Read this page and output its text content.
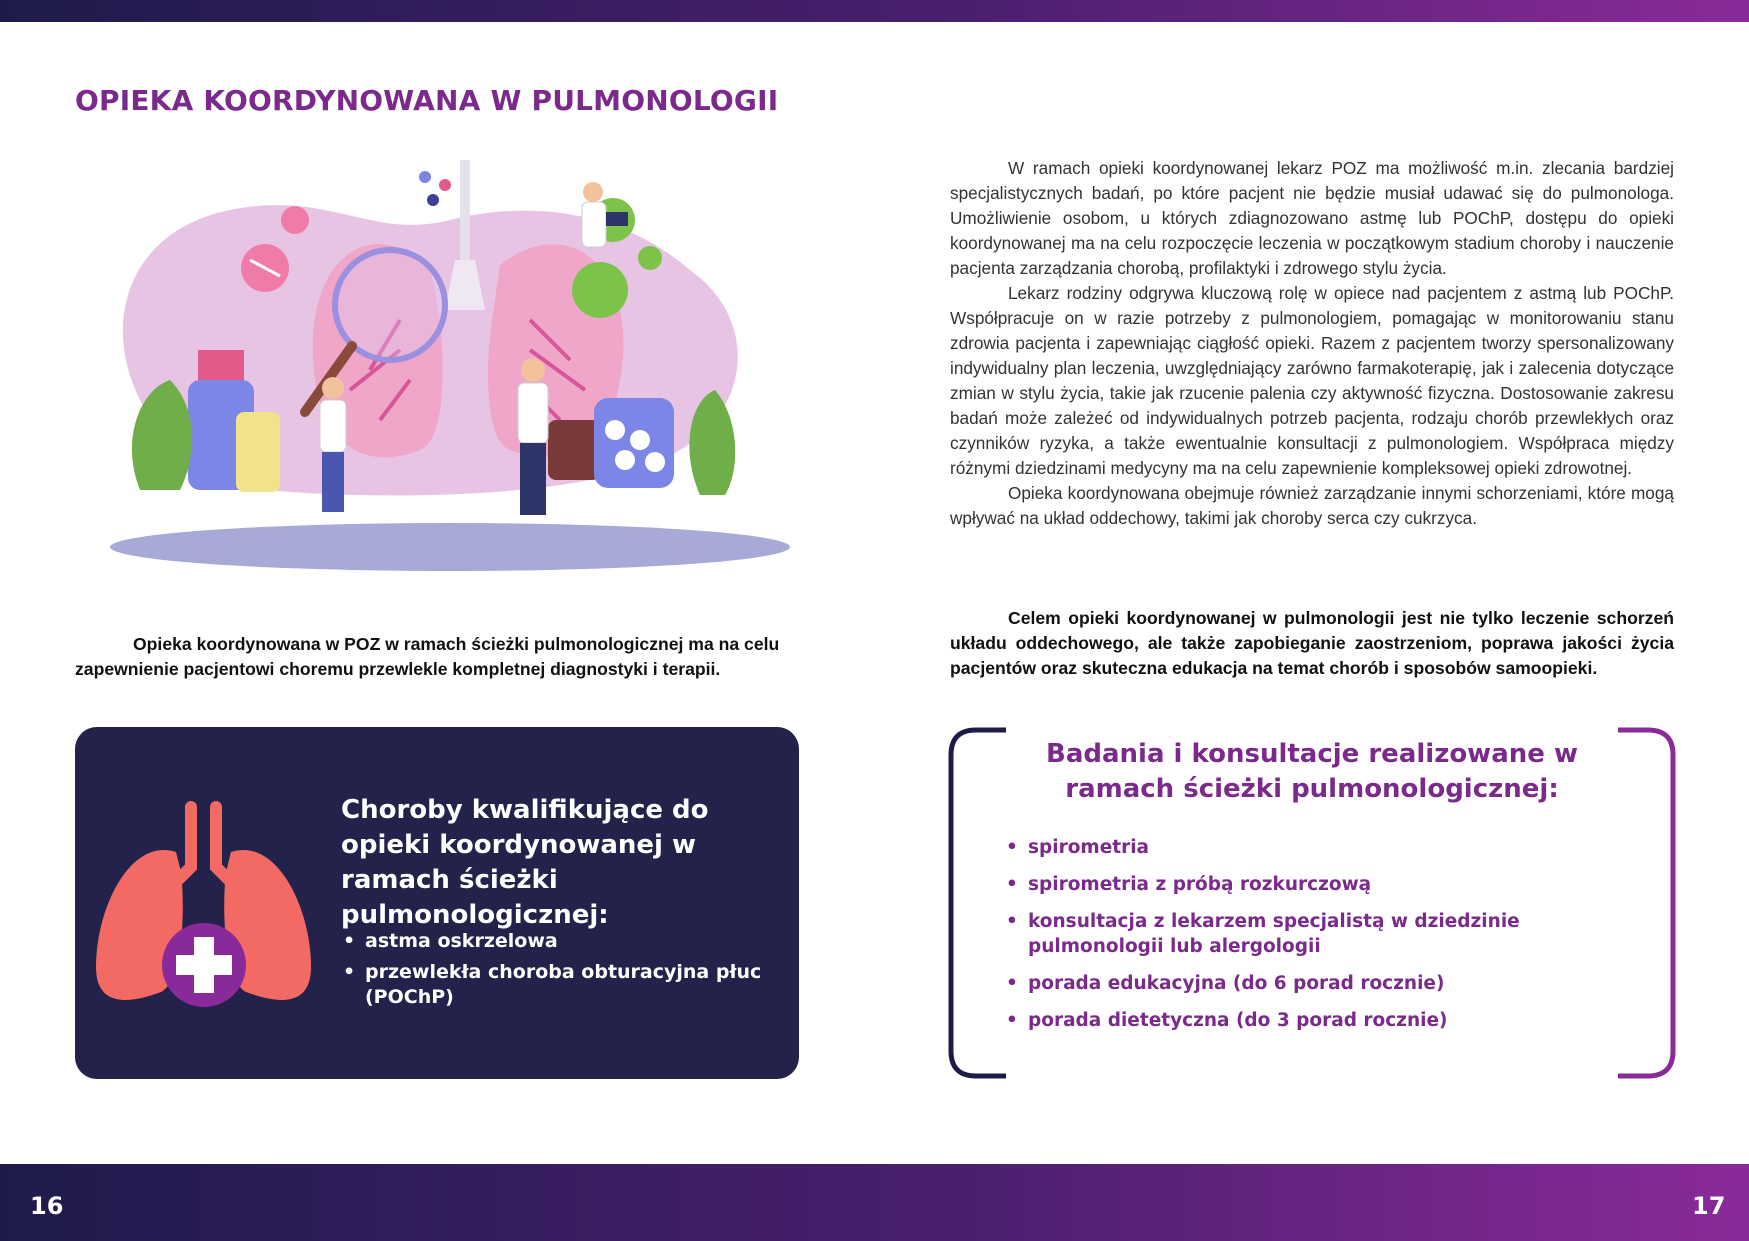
OPIEKA KOORDYNOWANA W PULMONOLOGII

W ramach opieki koordynowanej lekarz POZ ma możliwość m.in. zlecania bardziej specjalistycznych badań, po które pacjent nie będzie musiał udawać się do pulmonologa. Umożliwienie osobom, u których zdiagnozowano astmę lub POChP, dostępu do opieki koordynowanej ma na celu rozpoczęcie leczenia w początkowym stadium choroby i nauczenie pacjenta zarządzania chorobą, profilaktyki i zdrowego stylu życia.

Lekarz rodziny odgrywa kluczową rolę w opiece nad pacjentem z astmą lub POChP. Współpracuje on w razie potrzeby z pulmonologiem, pomagając w monitorowaniu stanu zdrowia pacjenta i zapewniając ciągłość opieki. Razem z pacjentem tworzy spersonalizowany indywidualny plan leczenia, uwzględniający zarówno farmakoterapię, jak i zalecenia dotyczące zmian w stylu życia, takie jak rzucenie palenia czy aktywność fizyczna. Dostosowanie zakresu badań może zależeć od indywidualnych potrzeb pacjenta, rodzaju chorób przewlekłych oraz czynników ryzyka, a także ewentualnie konsultacji z pulmonologiem. Współpraca między różnymi dziedzinami medycyny ma na celu zapewnienie kompleksowej opieki zdrowotnej.

Opieka koordynowana obejmuje również zarządzanie innymi schorzeniami, które mogą wpływać na układ oddechowy, takimi jak choroby serca czy cukrzyca.

Opieka koordynowana w POZ w ramach ścieżki pulmonologicznej ma na celu zapewnienie pacjentowi choremu przewlekle kompletnej diagnostyki i terapii.

Celem opieki koordynowanej w pulmonologii jest nie tylko leczenie schorzeń układu oddechowego, ale także zapobieganie zaostrzeniom, poprawa jakości życia pacjentów oraz skuteczna edukacja na temat chorób i sposobów samoopieki.

Choroby kwalifikujące do opieki koordynowanej w ramach ścieżki pulmonologicznej:
• astma oskrzelowa
• przewlekła choroba obturacyjna płuc (POChP)
Badania i konsultacje realizowane w ramach ścieżki pulmonologicznej:
• spirometria
• spirometria z próbą rozkurczową
• konsultacja z lekarzem specjalistą w dziedzinie pulmonologii lub alergologii
• porada edukacyjna (do 6 porad rocznie)
• porada dietetyczna (do 3 porad rocznie)
16	17
